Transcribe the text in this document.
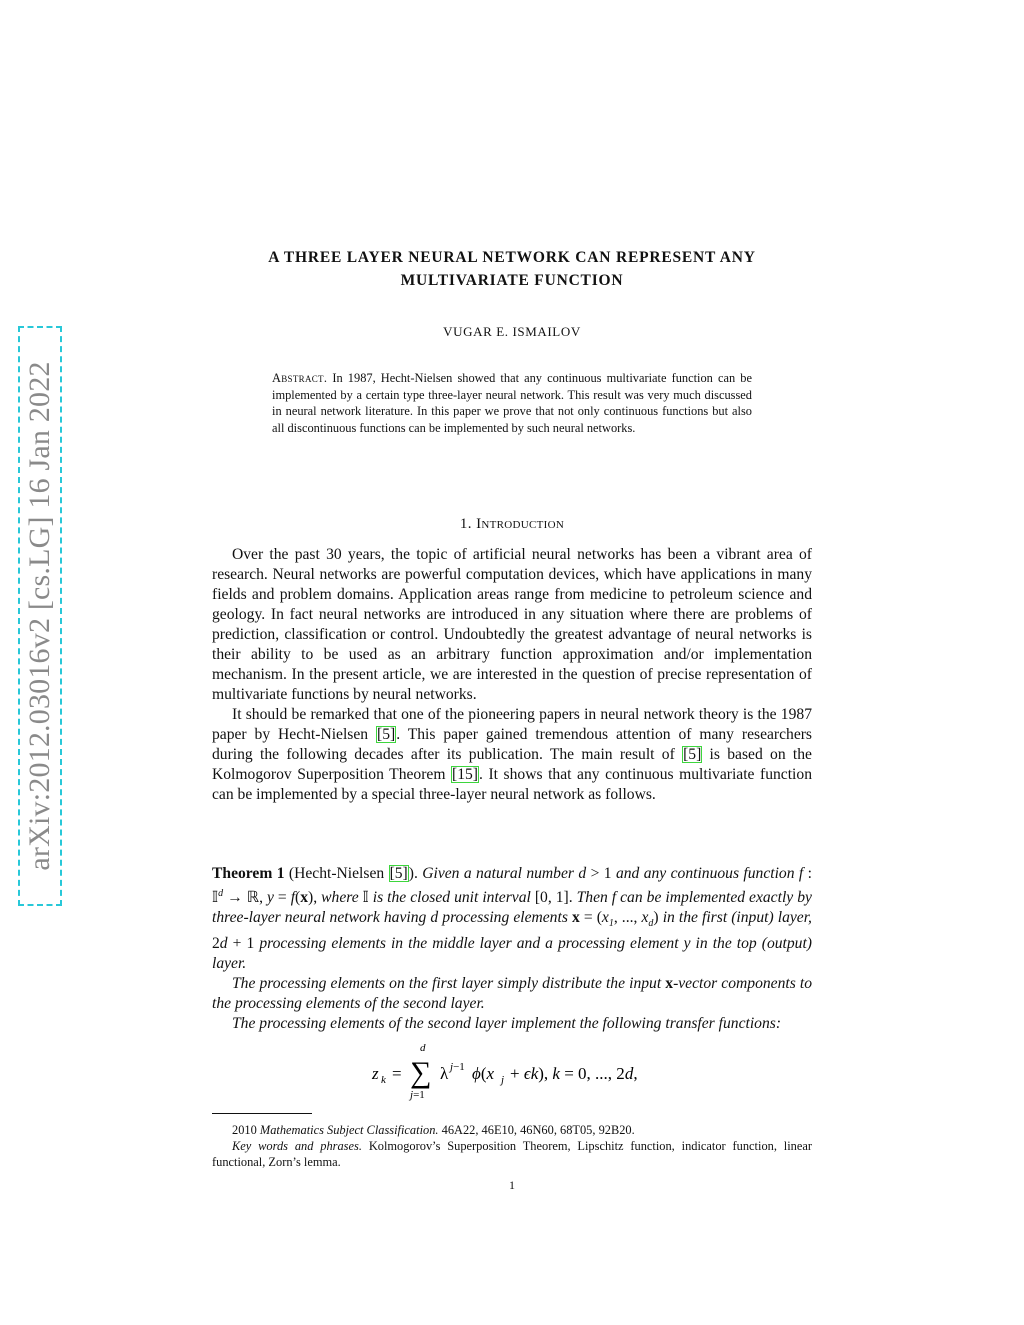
arXiv:2012.03016v2 [cs.LG] 16 Jan 2022
A THREE LAYER NEURAL NETWORK CAN REPRESENT ANY
MULTIVARIATE FUNCTION
VUGAR E. ISMAILOV
Abstract. In 1987, Hecht-Nielsen showed that any continuous multivariate function can be implemented by a certain type three-layer neural network. This result was very much discussed in neural network literature. In this paper we prove that not only continuous functions but also all discontinuous functions can be implemented by such neural networks.
1. Introduction

Over the past 30 years, the topic of artificial neural networks has been a vibrant area of research. Neural networks are powerful computation devices, which have applications in many fields and problem domains. Application areas range from medicine to petroleum science and geology. In fact neural networks are introduced in any situation where there are problems of prediction, classification or control. Undoubtedly the greatest advantage of neural networks is their ability to be used as an arbitrary function approximation and/or implementation mechanism. In the present article, we are interested in the question of precise representation of multivariate functions by neural networks.

It should be remarked that one of the pioneering papers in neural network theory is the 1987 paper by Hecht-Nielsen [5]. This paper gained tremendous attention of many researchers during the following decades after its publication. The main result of [5] is based on the Kolmogorov Superposition Theorem [15]. It shows that any continuous multivariate function can be implemented by a special three-layer neural network as follows.

Theorem 1 (Hecht-Nielsen [5]). Given a natural number d > 1 and any continuous function f : 𝕀$^d$ → ℝ, y = f(x), where 𝕀 is the closed unit interval [0, 1]. Then f can be implemented exactly by three-layer neural network having d processing elements $x = (x_1$, ..., $x_d$) in the first (input) layer, 2d + 1 processing elements in the middle layer and a processing element y in the top (output) layer.

The processing elements on the first layer simply distribute the input x-vector components to the processing elements of the second layer.

The processing elements of the second layer implement the following transfer functions:

z k =
d
∑
j=1
λ j−1 ϕ(x j + ϵk), k = 0, ..., 2d,
2010 Mathematics Subject Classification. 46A22, 46E10, 46N60, 68T05, 92B20.
Key words and phrases. Kolmogorov’s Superposition Theorem, Lipschitz function, indicator function, linear functional, Zorn’s lemma.
1
